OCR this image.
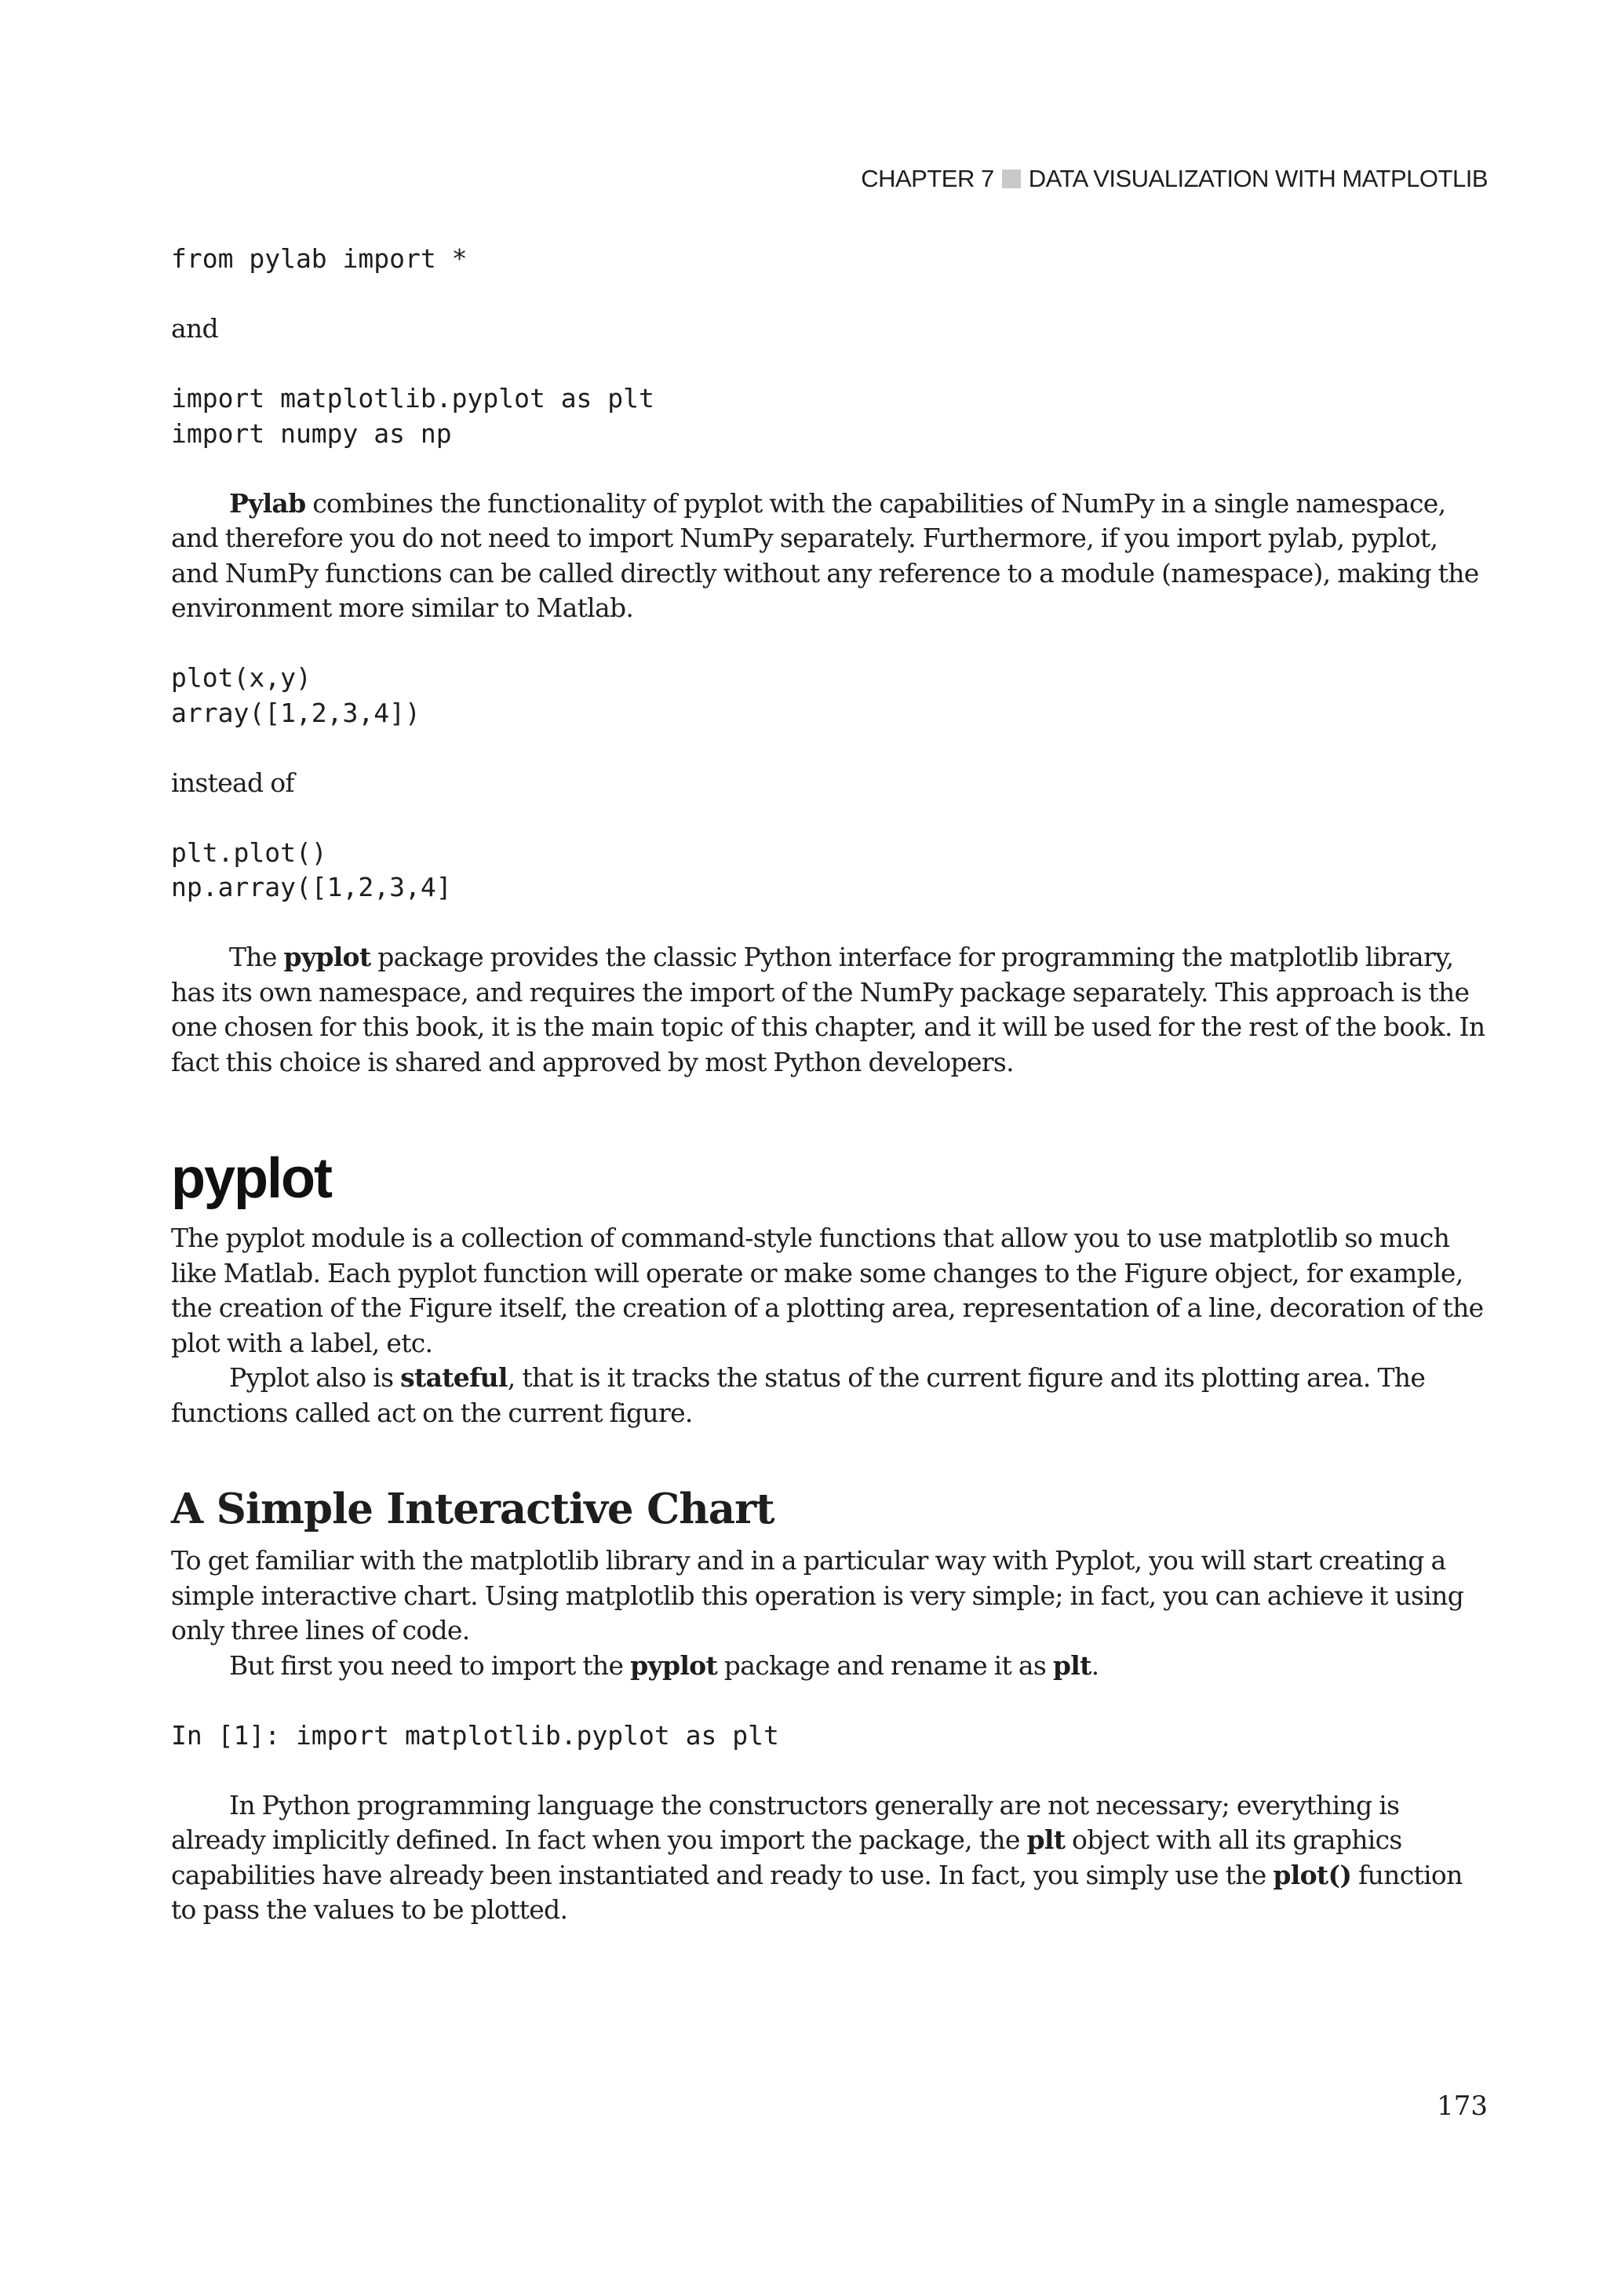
CHAPTER 7 DATA VISUALIZATION WITH MATPLOTLIB
from pylab import *

and

import matplotlib.pyplot as plt
import numpy as np

Pylab combines the functionality of pyplot with the capabilities of NumPy in a single namespace, and therefore you do not need to import NumPy separately. Furthermore, if you import pylab, pyplot, and NumPy functions can be called directly without any reference to a module (namespace), making the environment more similar to Matlab.

plot(x,y)
array([1,2,3,4])

instead of

plt.plot()
np.array([1,2,3,4]

The pyplot package provides the classic Python interface for programming the matplotlib library, has its own namespace, and requires the import of the NumPy package separately. This approach is the one chosen for this book, it is the main topic of this chapter, and it will be used for the rest of the book. In fact this choice is shared and approved by most Python developers.

pyplot

The pyplot module is a collection of command-style functions that allow you to use matplotlib so much like Matlab. Each pyplot function will operate or make some changes to the Figure object, for example, the creation of the Figure itself, the creation of a plotting area, representation of a line, decoration of the plot with a label, etc.

Pyplot also is stateful, that is it tracks the status of the current figure and its plotting area. The functions called act on the current figure.

A Simple Interactive Chart

To get familiar with the matplotlib library and in a particular way with Pyplot, you will start creating a simple interactive chart. Using matplotlib this operation is very simple; in fact, you can achieve it using only three lines of code.

But first you need to import the pyplot package and rename it as plt.

In [1]: import matplotlib.pyplot as plt

In Python programming language the constructors generally are not necessary; everything is already implicitly defined. In fact when you import the package, the plt object with all its graphics capabilities have already been instantiated and ready to use. In fact, you simply use the plot() function to pass the values to be plotted.

173
